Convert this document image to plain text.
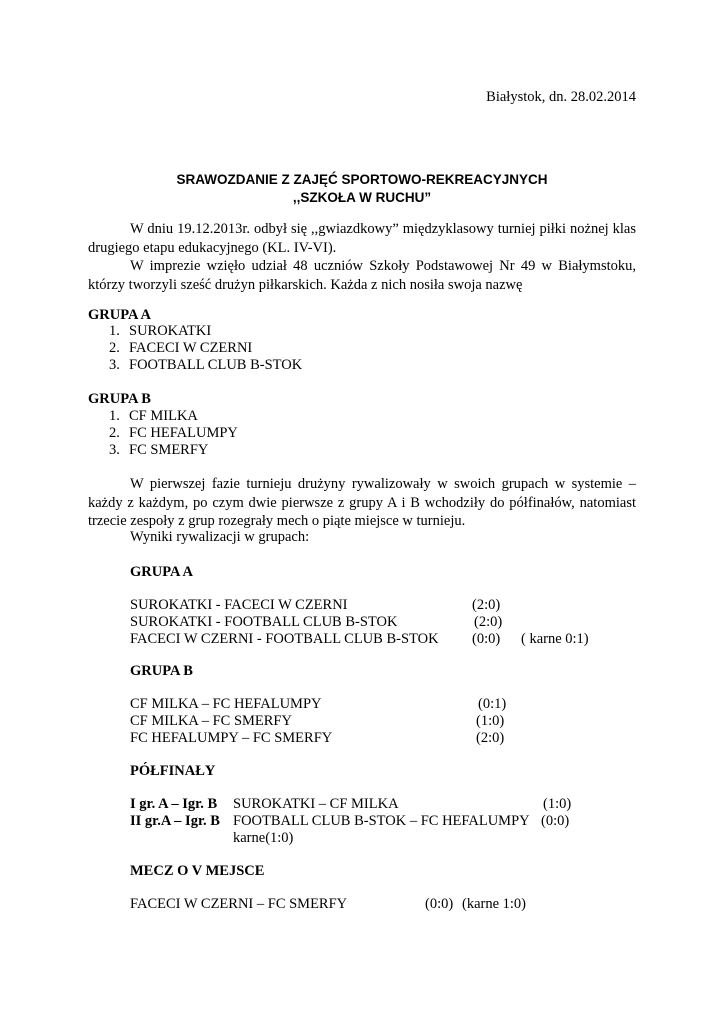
Białystok, dn. 28.02.2014
SRAWOZDANIE Z ZAJĘĆ SPORTOWO-REKREACYJNYCH
,,SZKOŁA W RUCHU”

W dniu 19.12.2013r. odbył się ,,gwiazdkowy” międzyklasowy turniej piłki nożnej klas drugiego etapu edukacyjnego (KL. IV-VI).

W imprezie wzięło udział 48 uczniów Szkoły Podstawowej Nr 49 w Białymstoku, którzy tworzyli sześć drużyn piłkarskich. Każda z nich nosiła swoja nazwę

GRUPA A
1. SUROKATKI
2. FACECI W CZERNI
3. FOOTBALL CLUB B-STOK
GRUPA B
1. CF MILKA
2. FC HEFALUMPY
3. FC SMERFY

W pierwszej fazie turnieju drużyny rywalizowały w swoich grupach w systemie – każdy z każdym, po czym dwie pierwsze z grupy A i B wchodziły do półfinałów, natomiast trzecie zespoły z grup rozegrały mech o piąte miejsce w turnieju.

Wyniki rywalizacji w grupach:
GRUPA A
SUROKATKI - FACECI W CZERNI	(2:0)
SUROKATKI - FOOTBALL CLUB B-STOK	(2:0)
FACECI W CZERNI - FOOTBALL CLUB B-STOK (0:0) ( karne 0:1)
GRUPA B
CF MILKA – FC HEFALUMPY	(0:1)
CF MILKA – FC SMERFY	(1:0)
FC HEFALUMPY – FC SMERFY	(2:0)
PÓŁFINAŁY
I gr. A – Igr. B SUROKATKI – CF MILKA	(1:0)
II gr.A – Igr. B FOOTBALL CLUB B-STOK – FC HEFALUMPY (0:0)
karne(1:0)
MECZ O V MEJSCE
FACECI W CZERNI – FC SMERFY	(0:0) (karne 1:0)
